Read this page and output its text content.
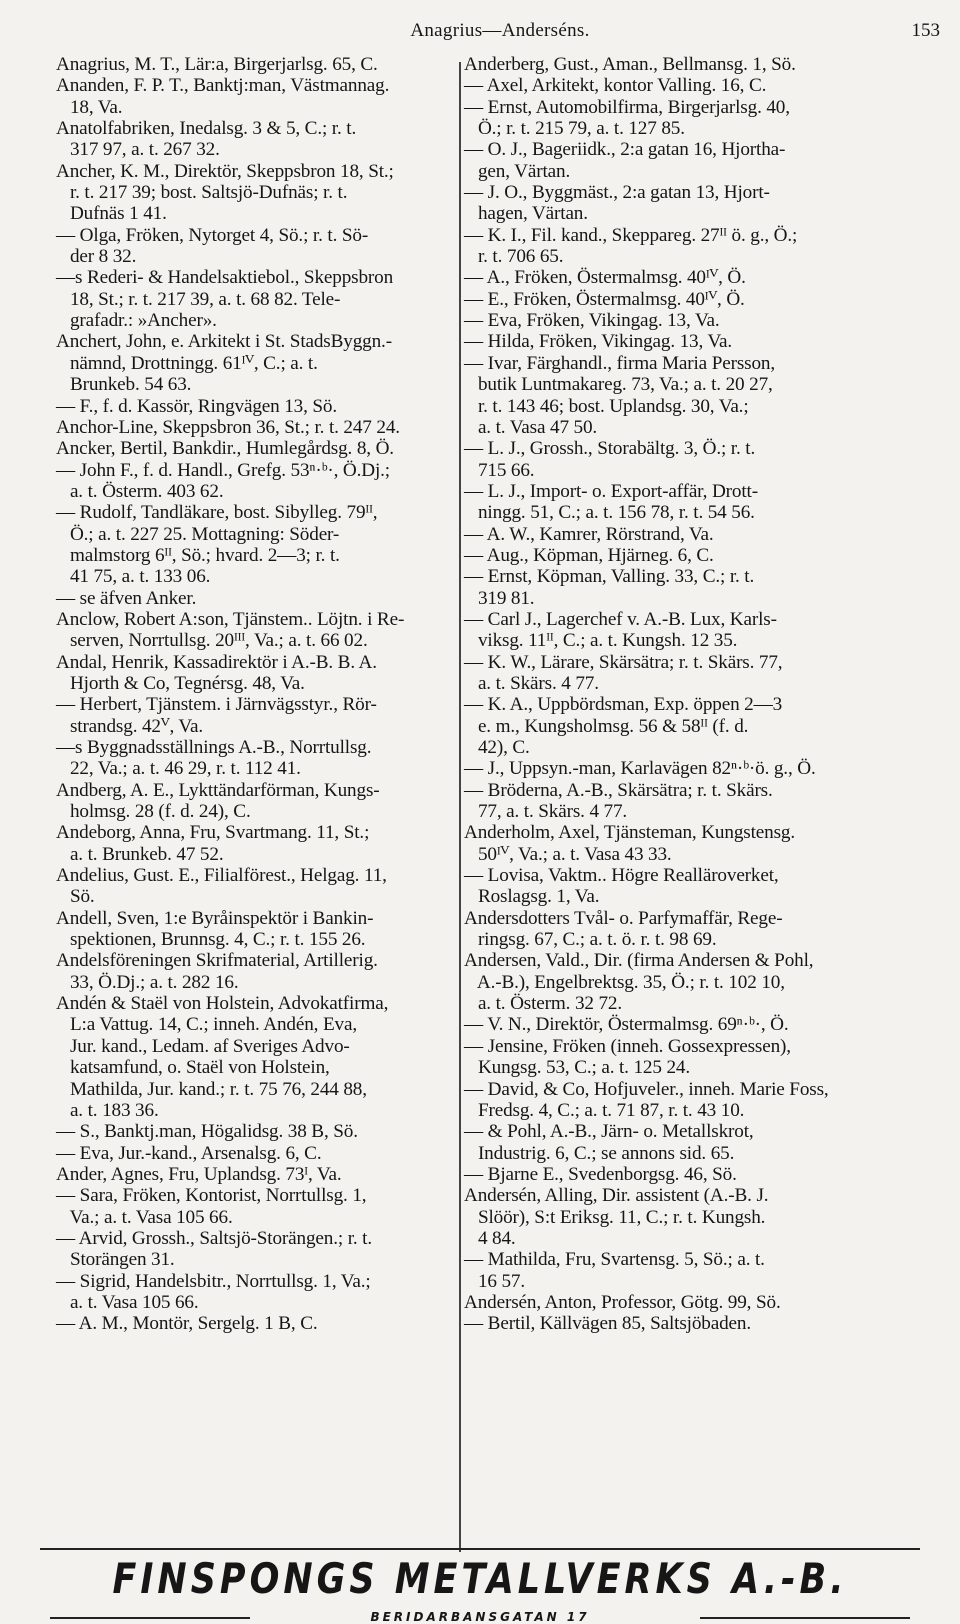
Anagrius—Anderséns.	153
Anagrius, M. T., Lär:a, Birgerjarlsg. 65, C.
Ananden, F. P. T., Banktj:man, Västmannag.
18, Va.
Anatolfabriken, Inedalsg. 3 & 5, C.; r. t.
317 97, a. t. 267 32.
Ancher, K. M., Direktör, Skeppsbron 18, St.;
r. t. 217 39; bost. Saltsjö-Dufnäs; r. t.
Dufnäs 1 41.
— Olga, Fröken, Nytorget 4, Sö.; r. t. Sö-
der 8 32.
—s Rederi- & Handelsaktiebol., Skeppsbron
18, St.; r. t. 217 39, a. t. 68 82. Tele-
grafadr.: »Ancher».
Anchert, John, e. Arkitekt i St. StadsByggn.-
nämnd, Drottningg. 61ᴵⱽ, C.; a. t.
Brunkeb. 54 63.
— F., f. d. Kassör, Ringvägen 13, Sö.
Anchor-Line, Skeppsbron 36, St.; r. t. 247 24.
Ancker, Bertil, Bankdir., Humlegårdsg. 8, Ö.
— John F., f. d. Handl., Grefg. 53ⁿ·ᵇ·, Ö.Dj.;
a. t. Österm. 403 62.
— Rudolf, Tandläkare, bost. Sibylleg. 79ᴵᴵ,
Ö.; a. t. 227 25. Mottagning: Söder-
malmstorg 6ᴵᴵ, Sö.; hvard. 2—3; r. t.
41 75, a. t. 133 06.
— se äfven Anker.
Anclow, Robert A:son, Tjänstem.. Löjtn. i Re-
serven, Norrtullsg. 20ᴵᴵᴵ, Va.; a. t. 66 02.
Andal, Henrik, Kassadirektör i A.-B. B. A.
Hjorth & Co, Tegnérsg. 48, Va.
— Herbert, Tjänstem. i Järnvägsstyr., Rör-
strandsg. 42ⱽ, Va.
—s Byggnadsställnings A.-B., Norrtullsg.
22, Va.; a. t. 46 29, r. t. 112 41.
Andberg, A. E., Lykttändarförman, Kungs-
holmsg. 28 (f. d. 24), C.
Andeborg, Anna, Fru, Svartmang. 11, St.;
a. t. Brunkeb. 47 52.
Andelius, Gust. E., Filialförest., Helgag. 11,
Sö.
Andell, Sven, 1:e Byråinspektör i Bankin-
spektionen, Brunnsg. 4, C.; r. t. 155 26.
Andelsföreningen Skrifmaterial, Artillerig.
33, Ö.Dj.; a. t. 282 16.
Andén & Staël von Holstein, Advokatfirma,
L:a Vattug. 14, C.; inneh. Andén, Eva,
Jur. kand., Ledam. af Sveriges Advo-
katsamfund, o. Staël von Holstein,
Mathilda, Jur. kand.; r. t. 75 76, 244 88,
a. t. 183 36.
— S., Banktj.man, Högalidsg. 38 B, Sö.
— Eva, Jur.-kand., Arsenalsg. 6, C.
Ander, Agnes, Fru, Uplandsg. 73ᴵ, Va.
— Sara, Fröken, Kontorist, Norrtullsg. 1,
Va.; a. t. Vasa 105 66.
— Arvid, Grossh., Saltsjö-Storängen.; r. t.
Storängen 31.
— Sigrid, Handelsbitr., Norrtullsg. 1, Va.;
a. t. Vasa 105 66.
— A. M., Montör, Sergelg. 1 B, C.
Anderberg, Gust., Aman., Bellmansg. 1, Sö.
— Axel, Arkitekt, kontor Valling. 16, C.
— Ernst, Automobilfirma, Birgerjarlsg. 40,
Ö.; r. t. 215 79, a. t. 127 85.
— O. J., Bageriidk., 2:a gatan 16, Hjortha-
gen, Värtan.
— J. O., Byggmäst., 2:a gatan 13, Hjort-
hagen, Värtan.
— K. I., Fil. kand., Skeppareg. 27ᴵᴵ ö. g., Ö.;
r. t. 706 65.
— A., Fröken, Östermalmsg. 40ᴵⱽ, Ö.
— E., Fröken, Östermalmsg. 40ᴵⱽ, Ö.
— Eva, Fröken, Vikingag. 13, Va.
— Hilda, Fröken, Vikingag. 13, Va.
— Ivar, Färghandl., firma Maria Persson,
butik Luntmakareg. 73, Va.; a. t. 20 27,
r. t. 143 46; bost. Uplandsg. 30, Va.;
a. t. Vasa 47 50.
— L. J., Grossh., Storabältg. 3, Ö.; r. t.
715 66.
— L. J., Import- o. Export-affär, Drott-
ningg. 51, C.; a. t. 156 78, r. t. 54 56.
— A. W., Kamrer, Rörstrand, Va.
— Aug., Köpman, Hjärneg. 6, C.
— Ernst, Köpman, Valling. 33, C.; r. t.
319 81.
— Carl J., Lagerchef v. A.-B. Lux, Karls-
viksg. 11ᴵᴵ, C.; a. t. Kungsh. 12 35.
— K. W., Lärare, Skärsätra; r. t. Skärs. 77,
a. t. Skärs. 4 77.
— K. A., Uppbördsman, Exp. öppen 2—3
e. m., Kungsholmsg. 56 & 58ᴵᴵ (f. d.
42), C.
— J., Uppsyn.-man, Karlavägen 82ⁿ·ᵇ·ö. g., Ö.
— Bröderna, A.-B., Skärsätra; r. t. Skärs.
77, a. t. Skärs. 4 77.
Anderholm, Axel, Tjänsteman, Kungstensg.
50ᴵⱽ, Va.; a. t. Vasa 43 33.
— Lovisa, Vaktm.. Högre Realläroverket,
Roslagsg. 1, Va.
Andersdotters Tvål- o. Parfymaffär, Rege-
ringsg. 67, C.; a. t. ö. r. t. 98 69.
Andersen, Vald., Dir. (firma Andersen & Pohl,
A.-B.), Engelbrektsg. 35, Ö.; r. t. 102 10,
a. t. Österm. 32 72.
— V. N., Direktör, Östermalmsg. 69ⁿ·ᵇ·, Ö.
— Jensine, Fröken (inneh. Gossexpressen),
Kungsg. 53, C.; a. t. 125 24.
— David, & Co, Hofjuveler., inneh. Marie Foss,
Fredsg. 4, C.; a. t. 71 87, r. t. 43 10.
— & Pohl, A.-B., Järn- o. Metallskrot,
Industrig. 6, C.; se annons sid. 65.
— Bjarne E., Svedenborgsg. 46, Sö.
Andersén, Alling, Dir. assistent (A.-B. J.
Slöör), S:t Eriksg. 11, C.; r. t. Kungsh.
4 84.
— Mathilda, Fru, Svartensg. 5, Sö.; a. t.
16 57.
Andersén, Anton, Professor, Götg. 99, Sö.
— Bertil, Källvägen 85, Saltsjöbaden.
FINSPONGS METALLVERKS A.-B.
BERIDARBANSGATAN 17
